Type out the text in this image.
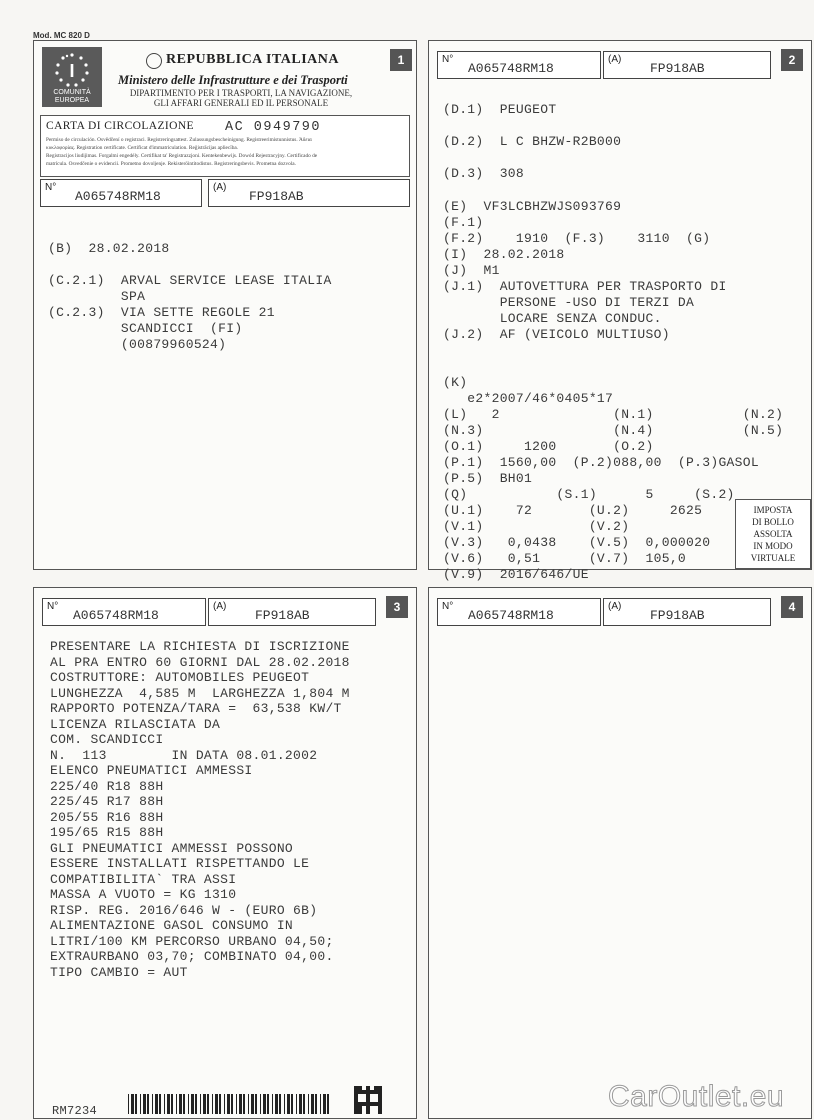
Mod. MC 820 D
1
I
COMUNITÀ
EUROPEA
REPUBBLICA ITALIANA
Ministero delle Infrastrutture e dei Trasporti
DIPARTIMENTO PER I TRASPORTI, LA NAVIGAZIONE,
GLI AFFARI GENERALI ED IL PERSONALE
CARTA DI CIRCOLAZIONE AC 0949790
Permiso de circulación. Osvědčení o registraci. Registreringsattest. Zulassungsbescheinigung. Registreerimistunnistus. Άδεια
κυκλοφορίας. Registration certificate. Certificat d'immatriculation. Reģistrācijas apliecība.
Registracijos liudijimas. Forgalmi engedély. Certifikat ta' Registrazzjoni. Kentekenbewijs. Dowód Rejestracyjny. Certificado de
matrícula. Osvedčenie o evidencii. Prometno dovoljenje. Rekisteröintitodistus. Registreringsbevis. Prometna dozvola.
N°
A065748RM18
(A)
FP918AB
(B)  28.02.2018
(C.2.1)  ARVAL SERVICE LEASE ITALIA
SPA
(C.2.3)  VIA SETTE REGOLE 21
SCANDICCI  (FI)
(00879960524)
2
N°
A065748RM18
(A)
FP918AB
(D.1)  PEUGEOT
(D.2)  L C BHZW-R2B000
(D.3)  308
(E)  VF3LCBHZWJS093769
(F.1)
(F.2)    1910  (F.3)    3110  (G)
(I)  28.02.2018
(J)  M1
(J.1)  AUTOVETTURA PER TRASPORTO DI
PERSONE -USO DI TERZI DA
LOCARE SENZA CONDUC.
(J.2)  AF (VEICOLO MULTIUSO)
(K)
e2*2007/46*0405*17
(L)   2              (N.1)           (N.2)
(N.3)                (N.4)           (N.5)
(O.1)     1200       (O.2)
(P.1)  1560,00  (P.2)088,00  (P.3)GASOL
(P.5)  BH01
(Q)           (S.1)      5     (S.2)
(U.1)    72       (U.2)     2625
(V.1)             (V.2)
(V.3)   0,0438    (V.5)  0,000020
(V.6)   0,51      (V.7)  105,0
(V.9)  2016/646/UE
IMPOSTA
DI BOLLO
ASSOLTA
IN MODO
VIRTUALE
3
N°
A065748RM18
(A)
FP918AB
PRESENTARE LA RICHIESTA DI ISCRIZIONE
AL PRA ENTRO 60 GIORNI DAL 28.02.2018
COSTRUTTORE: AUTOMOBILES PEUGEOT
LUNGHEZZA  4,585 M  LARGHEZZA 1,804 M
RAPPORTO POTENZA/TARA =  63,538 KW/T
LICENZA RILASCIATA DA
COM. SCANDICCI
N.  113        IN DATA 08.01.2002
ELENCO PNEUMATICI AMMESSI
225/40 R18 88H
225/45 R17 88H
205/55 R16 88H
195/65 R15 88H
GLI PNEUMATICI AMMESSI POSSONO
ESSERE INSTALLATI RISPETTANDO LE
COMPATIBILITA` TRA ASSI
MASSA A VUOTO = KG 1310
RISP. REG. 2016/646 W - (EURO 6B)
ALIMENTAZIONE GASOL CONSUMO IN
LITRI/100 KM PERCORSO URBANO 04,50;
EXTRAURBANO 03,70; COMBINATO 04,00.
TIPO CAMBIO = AUT
RM7234
4
N°
A065748RM18
(A)
FP918AB
CarOutlet.eu
